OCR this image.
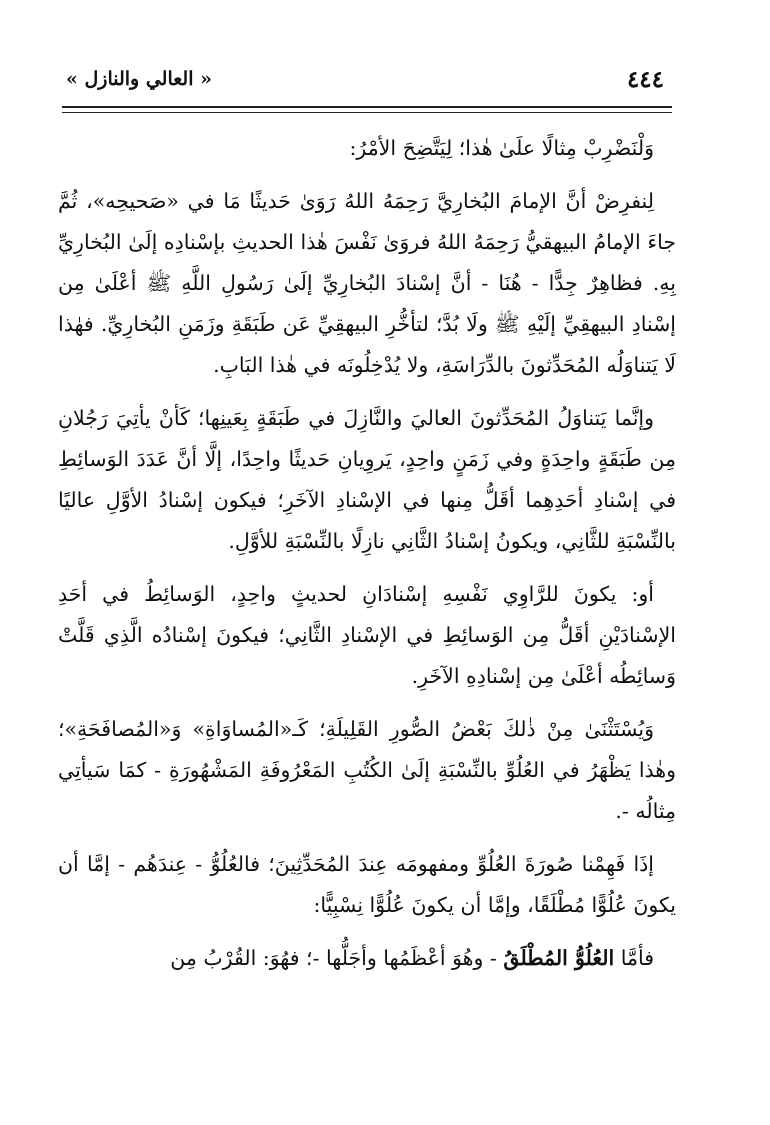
٤٤٤
« العالي والنازل »

وَلْنَضْرِبْ مِثالًا علَىٰ هٰذا؛ لِيَتَّضِحَ الأمْرُ:

لِنفرِضْ أنَّ الإمامَ البُخارِيَّ رَحِمَهُ اللهُ رَوَىٰ حَديثًا مَا في «صَحيحِه»، ثُمَّ جاءَ الإمامُ البيهقيُّ رَحِمَهُ اللهُ فروَىٰ نَفْسَ هٰذا الحديثِ بإسْنادِه إلَىٰ البُخارِيِّ بِهِ. فظاهِرٌ جِدًّا - هُنَا - أنَّ إسْنادَ البُخارِيِّ إلَىٰ رَسُولِ اللَّهِ ﷺ أعْلَىٰ مِن إسْنادِ البيهقِيِّ إلَيْهِ ﷺ ولَا بُدَّ؛ لتأخُّرِ البيهقِيِّ عَن طَبَقَةِ وزَمَنِ البُخارِيِّ. فهٰذا لَا يَتناوَلُه المُحَدِّثونَ بالدِّرَاسَةِ، ولا يُدْخِلُونَه في هٰذا البَابِ.

وإنَّما يَتناوَلُ المُحَدِّثونَ العاليَ والنَّازِلَ في طَبَقَةٍ بِعَينِها؛ كَأنْ يأتِيَ رَجُلانِ مِن طَبَقَةٍ واحِدَةٍ وفي زَمَنٍ واحِدٍ، يَروِيانِ حَديثًا واحِدًا، إلَّا أنَّ عَدَدَ الوَسائِطِ في إسْنادِ أحَدِهِما أقَلُّ مِنها في الإسْنادِ الآخَرِ؛ فيكون إسْنادُ الأوَّلِ عاليًا بالنِّسْبَةِ للثَّانِي، ويكونُ إسْنادُ الثَّانِي نازِلًا بالنِّسْبَةِ للأوَّلِ.

أو: يكونَ للرَّاوِي نَفْسِهِ إسْنادَانِ لحديثٍ واحِدٍ، الوَسائِطُ في أحَدِ الإسْنادَيْنِ أقَلُّ مِن الوَسائِطِ في الإسْنادِ الثَّانِي؛ فيكونَ إسْنادُه الَّذِي قَلَّتْ وَسائِطُه أعْلَىٰ مِن إسْنادِهِ الآخَرِ.

وَيُسْتَثْنَىٰ مِنْ ذٰلكَ بَعْضُ الصُّورِ القَلِيلَةِ؛ كَـ«المُساوَاةِ» وَ«المُصافَحَةِ»؛ وهٰذا يَظْهَرُ في العُلُوِّ بالنِّسْبَةِ إلَىٰ الكُتُبِ المَعْرُوفَةِ المَشْهُورَةِ - كمَا سَيأتِي مِثالُه -.

إذَا فَهِمْنا صُورَةَ العُلُوِّ ومفهومَه عِندَ المُحَدِّثِينَ؛ فالعُلُوُّ - عِندَهُم - إمَّا أن يكونَ عُلُوًّا مُطْلَقًا، وإمَّا أن يكونَ عُلُوًّا نِسْبِيًّا:

فأمَّا العُلُوُّ المُطْلَقُ - وهُوَ أعْظَمُها وأجَلُّها -؛ فهُوَ: القُرْبُ مِن
